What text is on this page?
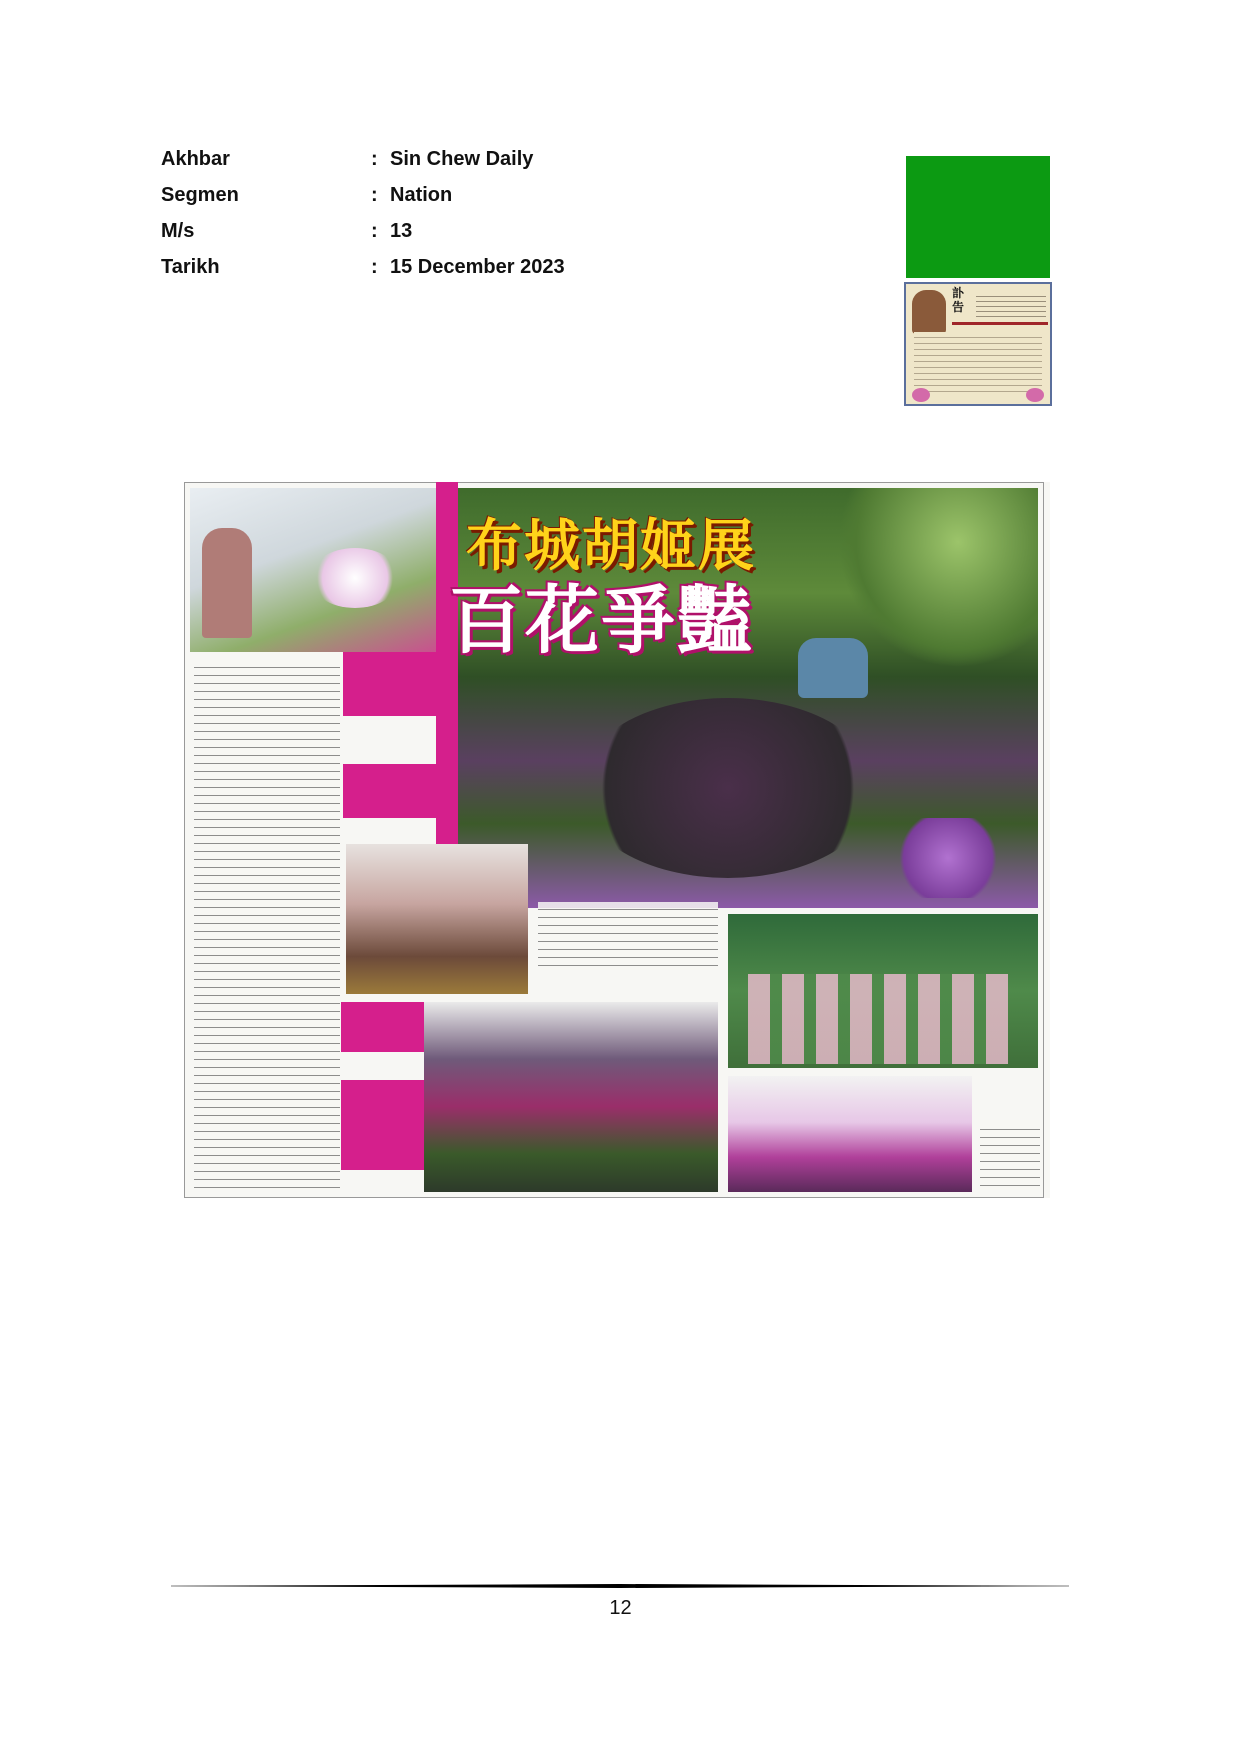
Akhbar	: Sin Chew Daily
Segmen	: Nation
M/s	: 13
Tarikh	: 15 December 2023
訃告
布城胡姬展
百花爭豔
12
